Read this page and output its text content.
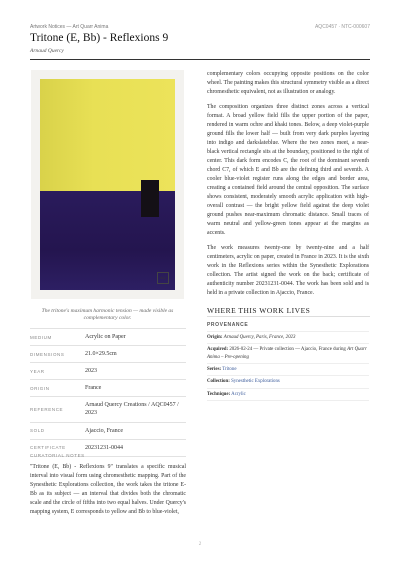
Artwork Notices — Art Quarr Anima	AQC0457 · NTC-000607
Tritone (E, Bb) - Reflexions 9
Arnaud Quercy
AQ
The tritone's maximum harmonic tension — made visible as complementary color.
MEDIUM	Acrylic on Paper
DIMENSIONS	21.0×29.5cm
YEAR	2023
ORIGIN	France
REFERENCE	Arnaud Quercy Creations / AQC0457 / 2023
SOLD	Ajaccio, France
CERTIFICATE	20231231-0044
CURATORIAL NOTES
"Tritone (E, Bb) - Reflexions 9" translates a specific musical interval into visual form using chromesthetic mapping. Part of the Synesthetic Explorations collection, the work takes the tritone E-Bb as its subject — an interval that divides both the chromatic scale and the circle of fifths into two equal halves. Under Quercy's mapping system, E corresponds to yellow and Bb to blue-violet,

complementary colors occupying opposite positions on the color wheel. The painting makes this structural symmetry visible as a direct chromesthetic equivalent, not as illustration or analogy.

The composition organizes three distinct zones across a vertical format. A broad yellow field fills the upper portion of the paper, rendered in warm ochre and khaki tones. Below, a deep violet-purple ground fills the lower half — built from very dark purples layering into indigo and darkslateblue. Where the two zones meet, a near-black vertical rectangle sits at the boundary, positioned to the right of center. This dark form encodes C, the root of the dominant seventh chord C7, of which E and Bb are the defining third and seventh. A cooler blue-violet register runs along the edges and border area, creating a contained field around the central opposition. The surface shows consistent, moderately smooth acrylic application with high-overall contrast — the bright yellow field against the deep violet ground pushes near-maximum chromatic distance. Small traces of warm neutral and yellow-green tones appear at the margins as accents.

The work measures twenty-one by twenty-nine and a half centimeters, acrylic on paper, created in France in 2023. It is the sixth work in the Reflexions series within the Synesthetic Explorations collection. The artist signed the work on the back; certificate of authenticity number 20231231-0044. The work has been sold and is held in a private collection in Ajaccio, France.

WHERE THIS WORK LIVES
PROVENANCE
Origin: Arnaud Quercy, Paris, France, 2023
Acquired: 2026-02-24 — Private collection — Ajaccio, France during Art Quarr Anima – Pre-opening
Series: Tritone
Collection: Synesthetic Explorations
Technique: Acrylic
2
